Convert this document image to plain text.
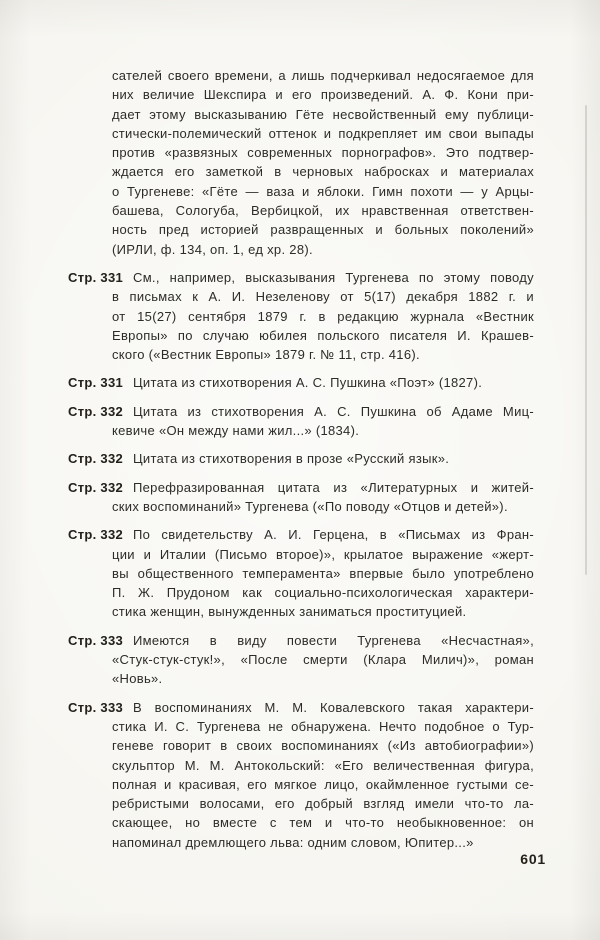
сателей своего времени, а лишь подчеркивал недосягаемое для
них величие Шекспира и его произведений. А. Ф. Кони при-
дает этому высказыванию Гёте несвойственный ему публици-
стически-полемический оттенок и подкрепляет им свои выпады
против «развязных современных порнографов». Это подтвер-
ждается его заметкой в черновых набросках и материалах
о Тургеневе: «Гёте — ваза и яблоки. Гимн похоти — у Арцы-
башева, Сологуба, Вербицкой, их нравственная ответствен-
ность пред историей развращенных и больных поколений»
(ИРЛИ, ф. 134, оп. 1, ед хр. 28).
Стр. 331 См., например, высказывания Тургенева по этому поводу
в письмах к А. И. Незеленову от 5(17) декабря 1882 г. и
от 15(27) сентября 1879 г. в редакцию журнала «Вестник
Европы» по случаю юбилея польского писателя И. Крашев-
ского («Вестник Европы» 1879 г. № 11, стр. 416).
Стр. 331 Цитата из стихотворения А. С. Пушкина «Поэт» (1827).
Стр. 332 Цитата из стихотворения А. С. Пушкина об Адаме Миц-
кевиче «Он между нами жил...» (1834).
Стр. 332 Цитата из стихотворения в прозе «Русский язык».
Стр. 332 Перефразированная цитата из «Литературных и житей-
ских воспоминаний» Тургенева («По поводу «Отцов и детей»).
Стр. 332 По свидетельству А. И. Герцена, в «Письмах из Фран-
ции и Италии (Письмо второе)», крылатое выражение «жерт-
вы общественного темперамента» впервые было употреблено
П. Ж. Прудоном как социально-психологическая характери-
стика женщин, вынужденных заниматься проституцией.
Стр. 333 Имеются в виду повести Тургенева «Несчастная»,
«Стук-стук-стук!», «После смерти (Клара Милич)», роман
«Новь».
Стр. 333 В воспоминаниях М. М. Ковалевского такая характери-
стика И. С. Тургенева не обнаружена. Нечто подобное о Тур-
геневе говорит в своих воспоминаниях («Из автобиографии»)
скульптор М. М. Антокольский: «Его величественная фигура,
полная и красивая, его мягкое лицо, окаймленное густыми се-
ребристыми волосами, его добрый взгляд имели что-то ла-
скающее, но вместе с тем и что-то необыкновенное: он
напоминал дремлющего льва: одним словом, Юпитер...»
601
